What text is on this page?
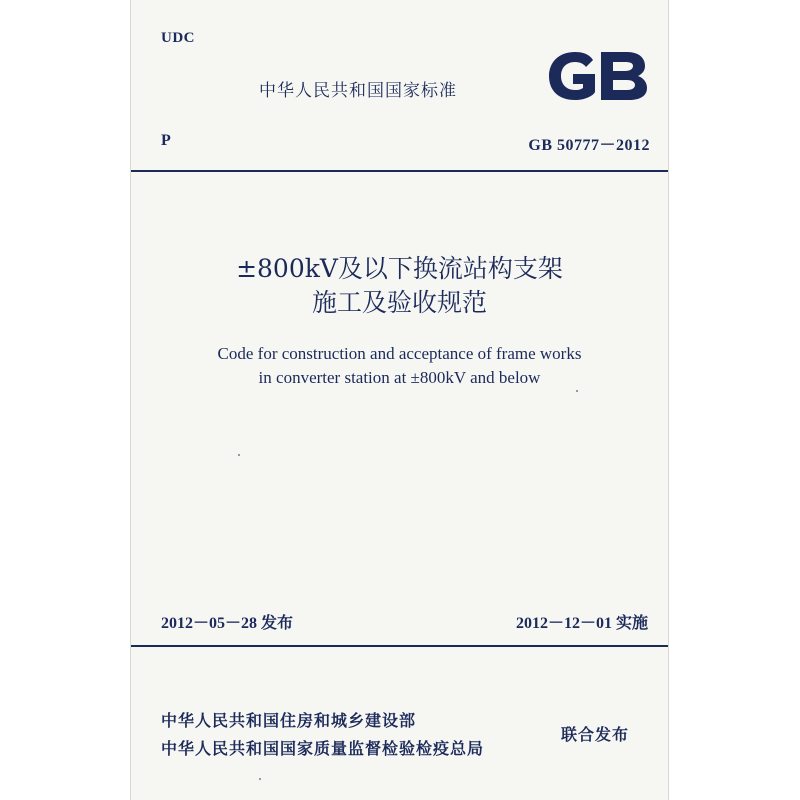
UDC
中华人民共和国国家标准
P	GB 50777－2012
±800kV及以下换流站构支架
施工及验收规范
Code for construction and acceptance of frame works
in converter station at ±800kV and below
2012－05－28 发布	2012－12－01 实施
中华人民共和国住房和城乡建设部
中华人民共和国国家质量监督检验检疫总局
联合发布
